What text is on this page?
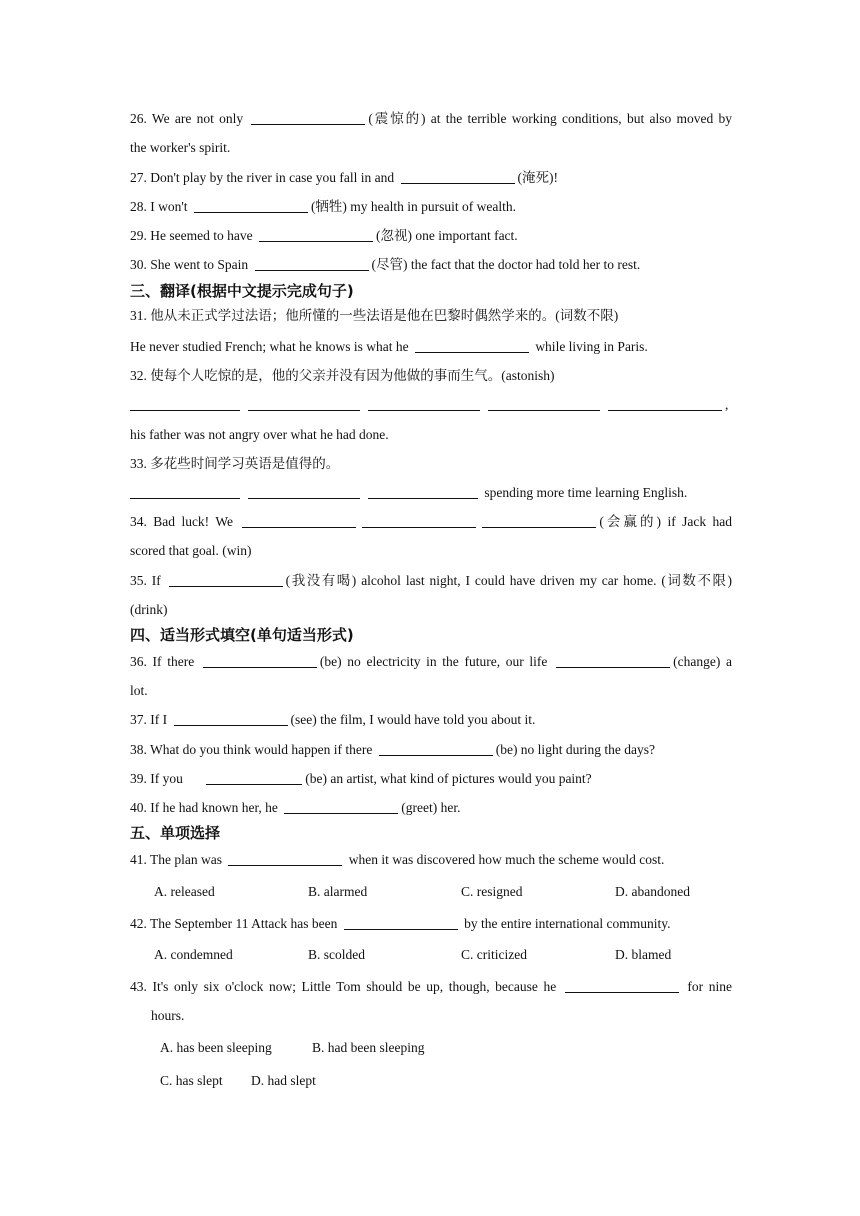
26. We are not only	(震惊的) at the terrible working conditions, but also moved by
the worker's spirit.
27. Don't play by the river in case you fall in and	(淹死)!
28. I won't	(牺牲) my health in pursuit of wealth.
29. He seemed to have	(忽视) one important fact.
30. She went to Spain	(尽管) the fact that the doctor had told her to rest.
三、翻译(根据中文提示完成句子)
31. 他从未正式学过法语；他所懂的一些法语是他在巴黎时偶然学来的。(词数不限)
He never studied French; what he knows is what he	while living in Paris.
32. 使每个人吃惊的是，他的父亲并没有因为他做的事而生气。(astonish)
,
his father was not angry over what he had done.
33. 多花些时间学习英语是值得的。
spending more time learning English.
34. Bad luck! We	(会赢的) if Jack had
scored that goal. (win)
35. If	(我没有喝) alcohol last night, I could have driven my car home. (词数不限)
(drink)
四、适当形式填空(单句适当形式)
36. If there	(be) no electricity in the future, our life	(change) a
lot.
37. If I	(see) the film, I would have told you about it.
38. What do you think would happen if there	(be) no light during the days?
39. If you	(be) an artist, what kind of pictures would you paint?
40. If he had known her, he	(greet) her.
五、单项选择
41. The plan was	when it was discovered how much the scheme would cost.
A. released	B. alarmed	C. resigned	D. abandoned
42. The September 11 Attack has been	by the entire international community.
A. condemned	B. scolded	C. criticized	D. blamed
43. It's only six o'clock now; Little Tom should be up, though, because he	for nine
hours.
A. has been sleeping	B. had been sleeping
C. has slept D. had slept
